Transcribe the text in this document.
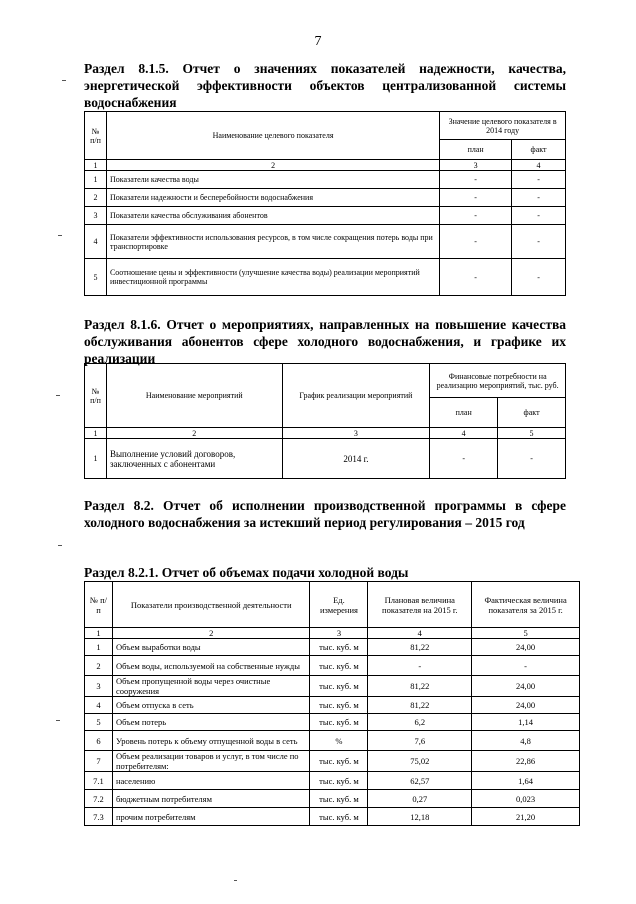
7
Раздел 8.1.5. Отчет о значениях показателей надежности, качества, энергетической эффективности объектов централизованной системы водоснабжения
№ п/п	Наименование целевого показателя	Значение целевого показателя в 2014 году	
		план	факт
1	2	3	4
1	Показатели качества воды	-	-
2	Показатели надежности и бесперебойности водоснабжения	-	-
3	Показатели качества обслуживания абонентов	-	-
4	Показатели эффективности использования ресурсов, в том числе сокращения потерь воды при транспортировке	-	-
5	Соотношение цены и эффективности (улучшение качества воды) реализации мероприятий инвестиционной программы	-	-
Раздел 8.1.6. Отчет о мероприятиях, направленных на повышение качества обслуживания абонентов сфере холодного водоснабжения, и графике их реализации
№ п/п	Наименование мероприятий	График реализации мероприятий	Финансовые потребности на реализацию мероприятий, тыс. руб.	
			план	факт
1	2	3	4	5
1	Выполнение условий договоров, заключенных с абонентами	2014 г.	-	-
Раздел 8.2. Отчет об исполнении производственной программы в сфере холодного водоснабжения за истекший период регулирования – 2015 год
Раздел 8.2.1. Отчет об объемах подачи холодной воды
№ п/п	Показатели производственной деятельности	Ед. измерения	Плановая величина показателя на 2015 г.	Фактическая величина показателя за 2015 г.
1	2	3	4	5
1	Объем выработки воды	тыс. куб. м	81,22	24,00
2	Объем воды, используемой на собственные нужды	тыс. куб. м	-	-
3	Объем пропущенной воды через очистные сооружения	тыс. куб. м	81,22	24,00
4	Объем отпуска в сеть	тыс. куб. м	81,22	24,00
5	Объем потерь	тыс. куб. м	6,2	1,14
6	Уровень потерь к объему отпущенной воды в сеть	%	7,6	4,8
7	Объем реализации товаров и услуг, в том числе по потребителям:	тыс. куб. м	75,02	22,86
7.1	населению	тыс. куб. м	62,57	1,64
7.2	бюджетным потребителям	тыс. куб. м	0,27	0,023
7.3	прочим потребителям	тыс. куб. м	12,18	21,20
